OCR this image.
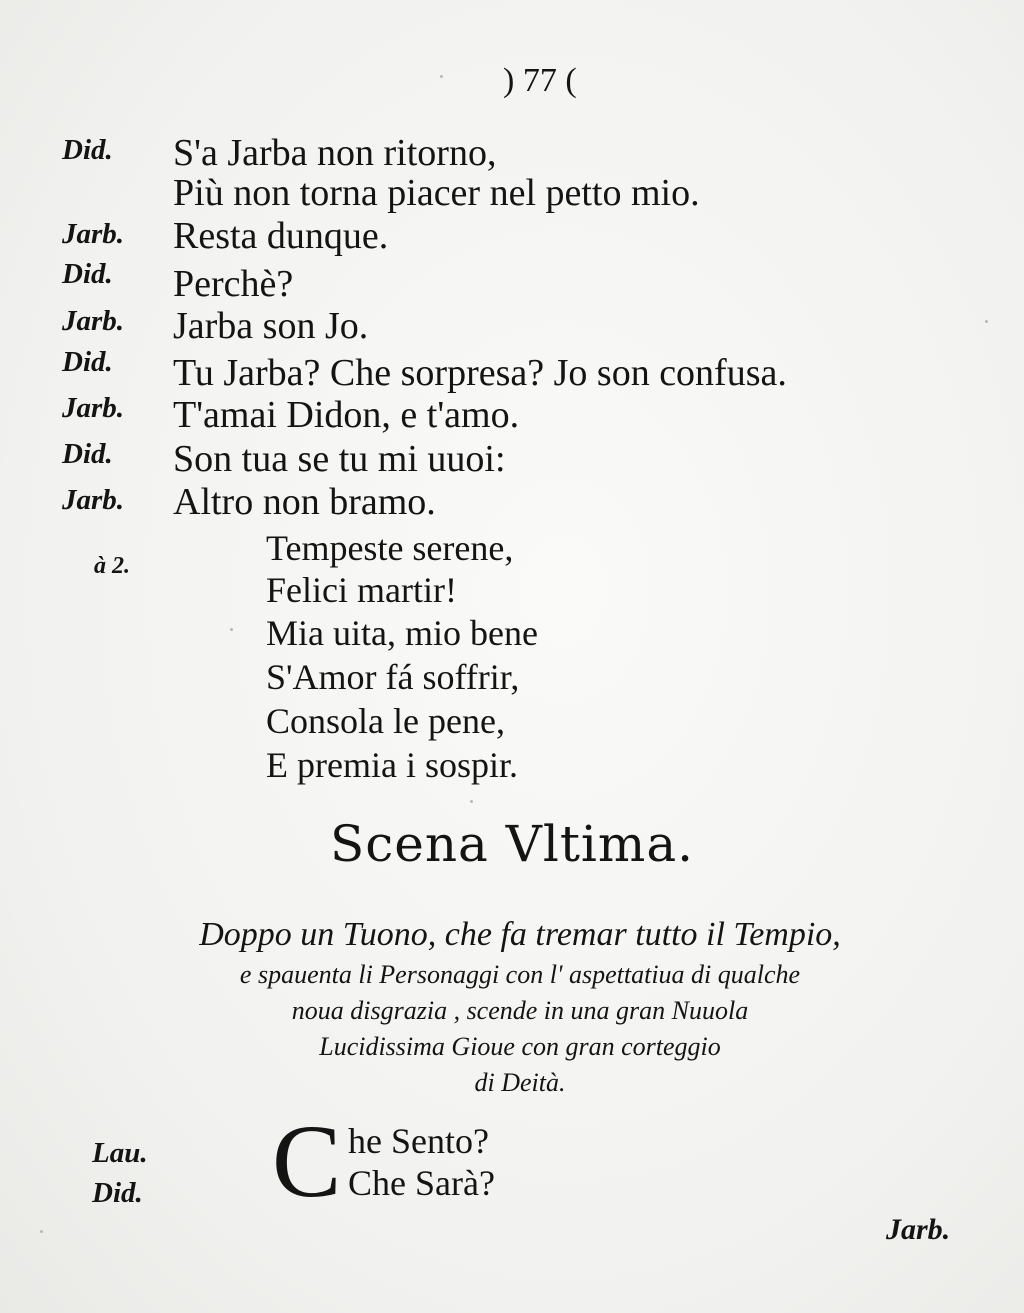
) 77 (
Did. S'a Jarba non ritorno,
Più non torna piacer nel petto mio.
Jarb. Resta dunque.
Did. Perchè?
Jarb. Jarba son Jo.
Did. Tu Jarba? Che sorpresa? Jo son confusa.
Jarb. T'amai Didon, e t'amo.
Did. Son tua se tu mi uuoi:
Jarb. Altro non bramo.
à 2.	Tempeste serene,
Felici martir!
Mia uita, mio bene
S'Amor fá soffrir,
Consola le pene,
E premia i sospir.
Scena Vltima.
Doppo un Tuono, che fa tremar tutto il Tempio,
e spauenta li Personaggi con l' aspettatiua di qualche
noua disgrazia , scende in una gran Nuuola
Lucidissima Gioue con gran corteggio
di Deità.
Lau.
Did. C he Sento?
Che Sarà?
Jarb.
